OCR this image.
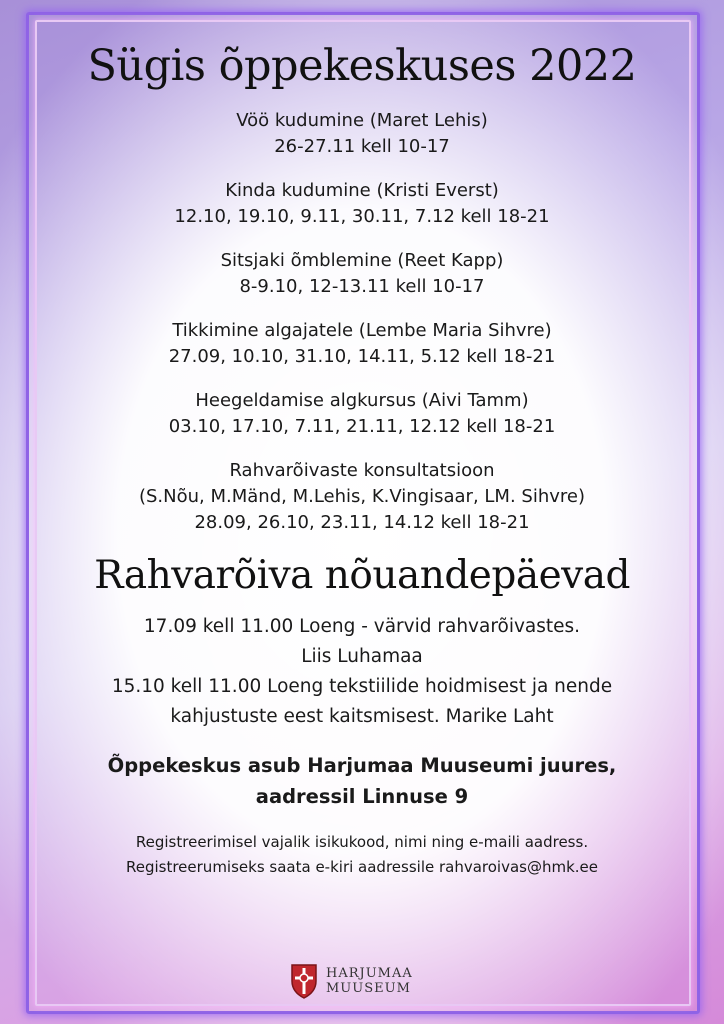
Sügis õppekeskuses 2022
Vöö kudumine (Maret Lehis)
26-27.11 kell 10-17
Kinda kudumine (Kristi Everst)
12.10, 19.10, 9.11, 30.11, 7.12 kell 18-21
Sitsjaki õmblemine (Reet Kapp)
8-9.10, 12-13.11 kell 10-17
Tikkimine algajatele (Lembe Maria Sihvre)
27.09, 10.10, 31.10, 14.11, 5.12 kell 18-21
Heegeldamise algkursus (Aivi Tamm)
03.10, 17.10, 7.11, 21.11, 12.12 kell 18-21
Rahvarõivaste konsultatsioon
(S.Nõu, M.Mänd, M.Lehis, K.Vingisaar, LM. Sihvre)
28.09, 26.10, 23.11, 14.12 kell 18-21
Rahvarõiva nõuandepäevad
17.09 kell 11.00 Loeng - värvid rahvarõivastes.
Liis Luhamaa
15.10 kell 11.00 Loeng tekstiilide hoidmisest ja nende
kahjustuste eest kaitsmisest. Marike Laht
Õppekeskus asub Harjumaa Muuseumi juures,
aadressil Linnuse 9
Registreerimisel vajalik isikukood, nimi ning e-maili aadress.
Registreerumiseks saata e-kiri aadressile rahvaroivas@hmk.ee
HARJUMAA
MUUSEUM
